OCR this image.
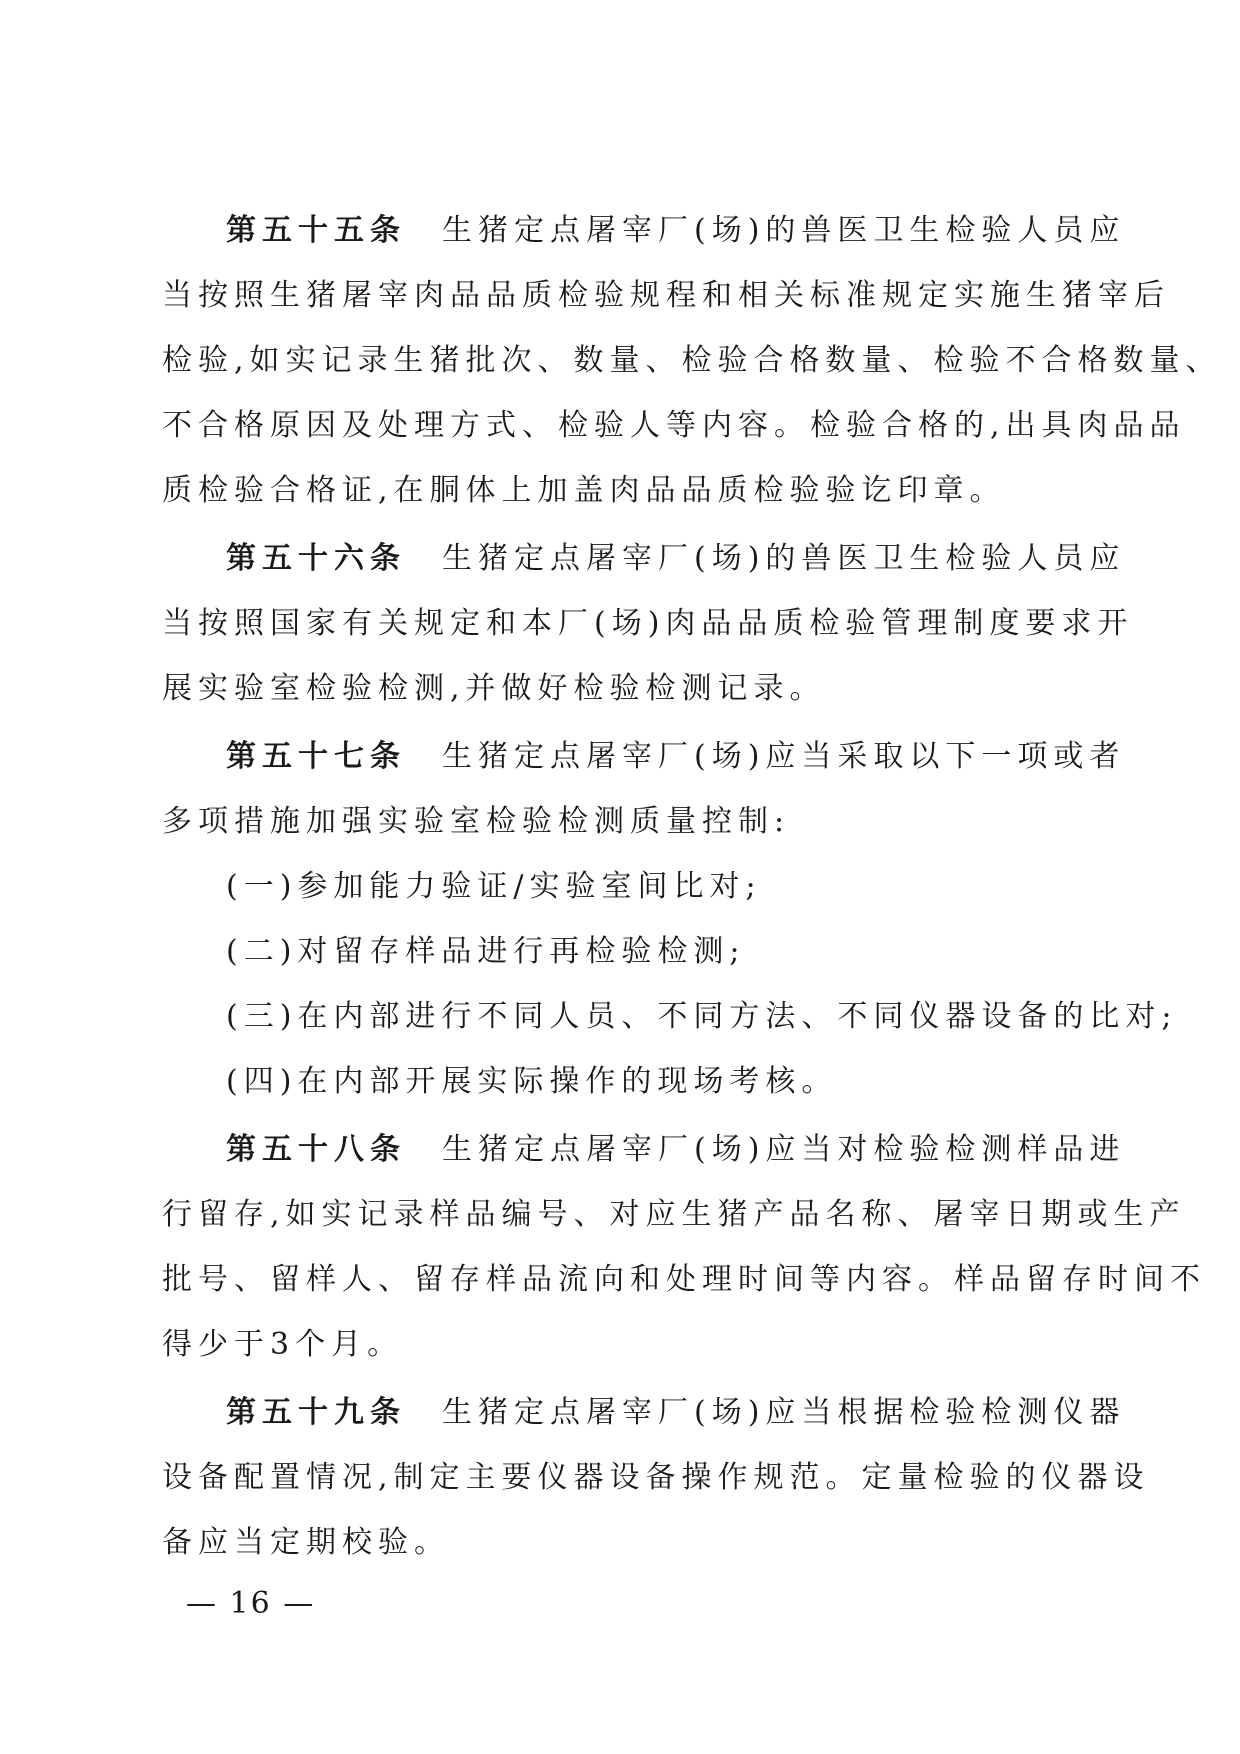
第五十五条 生猪定点屠宰厂(场)的兽医卫生检验人员应
当按照生猪屠宰肉品品质检验规程和相关标准规定实施生猪宰后
检验,如实记录生猪批次、数量、检验合格数量、检验不合格数量、
不合格原因及处理方式、检验人等内容。检验合格的,出具肉品品
质检验合格证,在胴体上加盖肉品品质检验验讫印章。
第五十六条 生猪定点屠宰厂(场)的兽医卫生检验人员应
当按照国家有关规定和本厂(场)肉品品质检验管理制度要求开
展实验室检验检测,并做好检验检测记录。
第五十七条 生猪定点屠宰厂(场)应当采取以下一项或者
多项措施加强实验室检验检测质量控制:
(一)参加能力验证/实验室间比对;
(二)对留存样品进行再检验检测;
(三)在内部进行不同人员、不同方法、不同仪器设备的比对;
(四)在内部开展实际操作的现场考核。
第五十八条 生猪定点屠宰厂(场)应当对检验检测样品进
行留存,如实记录样品编号、对应生猪产品名称、屠宰日期或生产
批号、留样人、留存样品流向和处理时间等内容。样品留存时间不
得少于3个月。
第五十九条 生猪定点屠宰厂(场)应当根据检验检测仪器
设备配置情况,制定主要仪器设备操作规范。定量检验的仪器设
备应当定期校验。
— 16 —
